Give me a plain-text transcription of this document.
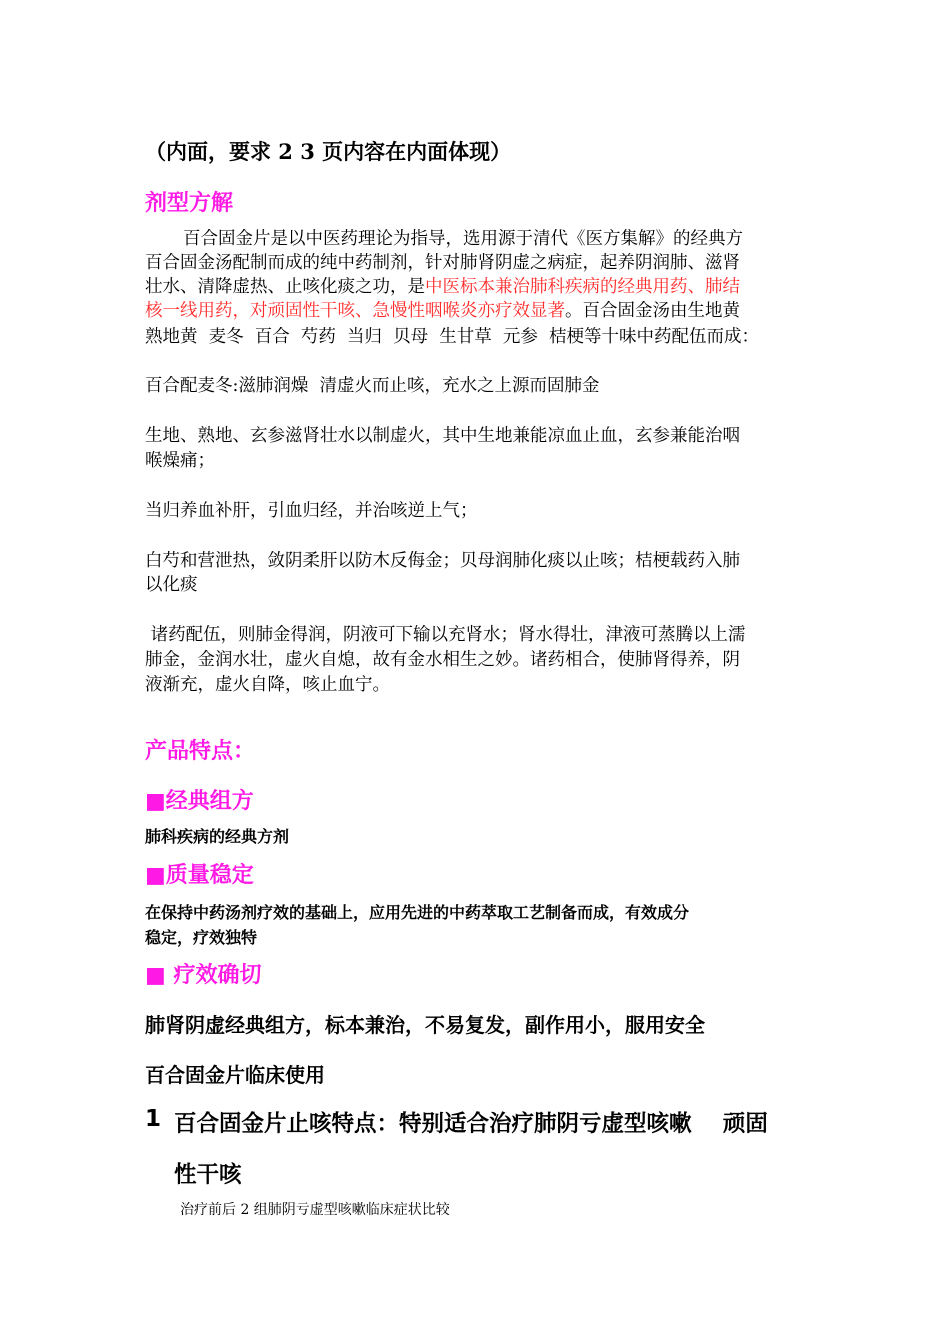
（内面，要求 2 3 页内容在内面体现）
剂型方解
百合固金片是以中医药理论为指导，选用源于清代《医方集解》的经典方
百合固金汤配制而成的纯中药制剂，针对肺肾阴虚之病症，起养阴润肺、滋肾
壮水、清降虚热、止咳化痰之功，是中医标本兼治肺科疾病的经典用药、肺结
核一线用药，对顽固性干咳、急慢性咽喉炎亦疗效显著。百合固金汤由生地黄
熟地黄  麦冬  百合  芍药  当归  贝母  生甘草  元参  桔梗等十味中药配伍而成：
百合配麦冬:滋肺润燥  清虚火而止咳，充水之上源而固肺金
生地、熟地、玄参滋肾壮水以制虚火，其中生地兼能凉血止血，玄参兼能治咽
喉燥痛；
当归养血补肝，引血归经，并治咳逆上气；
白芍和营泄热，敛阴柔肝以防木反侮金；贝母润肺化痰以止咳；桔梗载药入肺
以化痰
诸药配伍，则肺金得润，阴液可下输以充肾水；肾水得壮，津液可蒸腾以上濡
肺金，金润水壮，虚火自熄，故有金水相生之妙。诸药相合，使肺肾得养，阴
液渐充，虚火自降，咳止血宁。
产品特点：
■经典组方
肺科疾病的经典方剂
■质量稳定
在保持中药汤剂疗效的基础上，应用先进的中药萃取工艺制备而成，有效成分
稳定，疗效独特
■ 疗效确切
肺肾阴虚经典组方，标本兼治，不易复发，副作用小，服用安全
百合固金片临床使用
1 百合固金片止咳特点：特别适合治疗肺阴亏虚型咳嗽    顽固
性干咳
治疗前后 2 组肺阴亏虚型咳嗽临床症状比较
